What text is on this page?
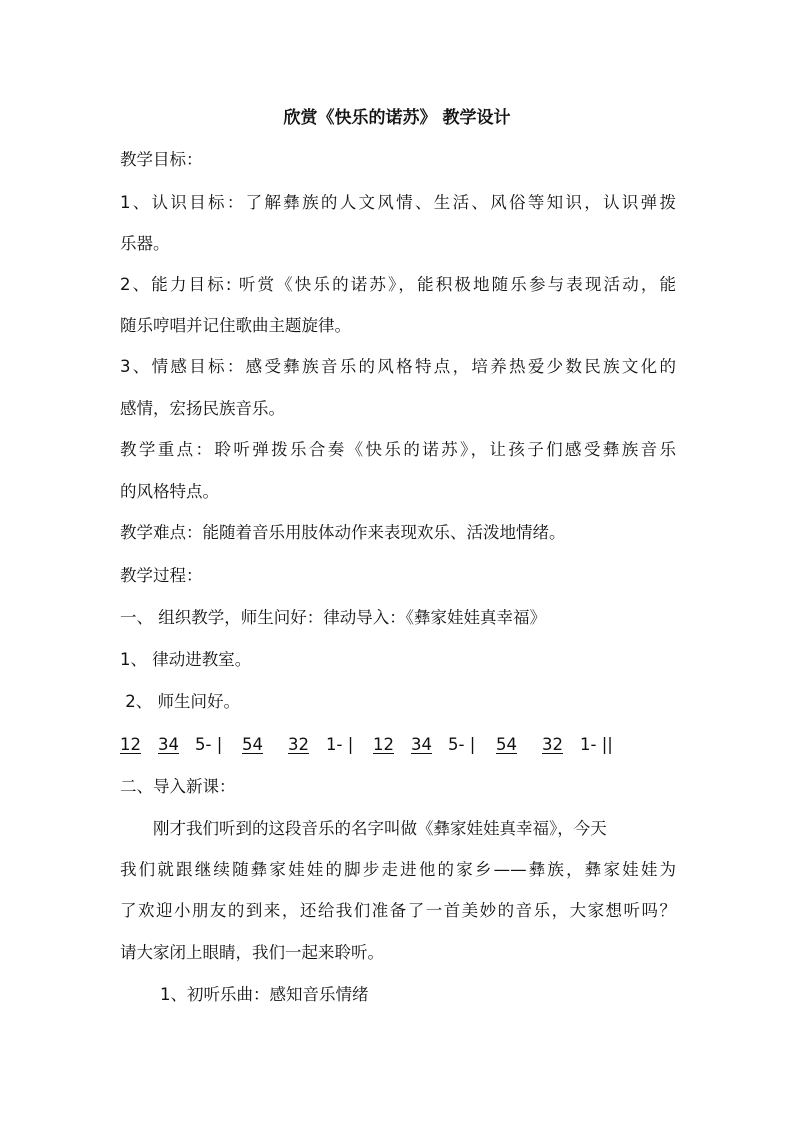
欣赏《快乐的诺苏》 教学设计
教学目标：
1、认识目标：了解彝族的人文风情、生活、风俗等知识，认识弹拨
乐器。
2、能力目标: 听赏《快乐的诺苏》，能积极地随乐参与表现活动，能
随乐哼唱并记住歌曲主题旋律。
3、情感目标：感受彝族音乐的风格特点，培养热爱少数民族文化的
感情，宏扬民族音乐。
教学重点：聆听弹拨乐合奏《快乐的诺苏》，让孩子们感受彝族音乐
的风格特点。
教学难点：能随着音乐用肢体动作来表现欢乐、活泼地情绪。
教学过程：
一、 组织教学，师生问好：律动导入：《彝家娃娃真幸福》
1、 律动进教室。
2、 师生问好。
12 34 5- | 54 32 1- | 12 34 5- | 54 32 1- ||
二、导入新课：
刚才我们听到的这段音乐的名字叫做《彝家娃娃真幸福》，今天
我们就跟继续随彝家娃娃的脚步走进他的家乡——彝族，彝家娃娃为
了欢迎小朋友的到来，还给我们准备了一首美妙的音乐，大家想听吗？
请大家闭上眼睛，我们一起来聆听。
1、初听乐曲：感知音乐情绪
